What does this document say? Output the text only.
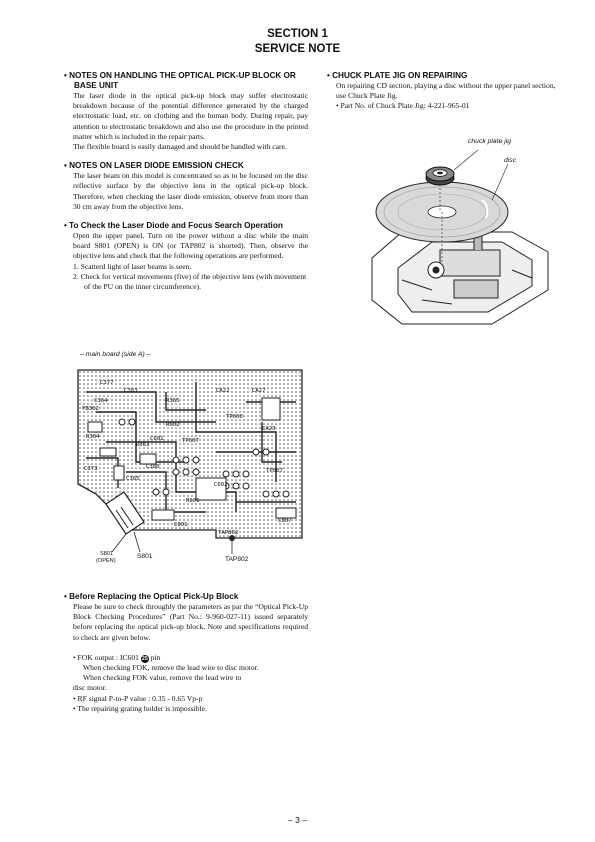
SECTION 1
SERVICE NOTE
• NOTES ON HANDLING THE OPTICAL PICK-UP BLOCK OR BASE UNIT
The laser diode in the optical pick-up block may suffer electrostatic breakdown because of the potential difference generated by the charged electrostatic load, etc. on clothing and the human body. During repair, pay attention to electrostatic breakdown and also use the procedure in the printed matter which is included in the repair parts.
The flexible board is easily damaged and should be handled with care.
• NOTES ON LASER DIODE EMISSION CHECK
The laser beam on this model is concentrated so as to be focused on the disc reflective surface by the objective lens in the optical pick-up block. Therefore, when checking the laser diode emission, observe from more than 30 cm away from the objective lens.
• To Check the Laser Diode and Focus Search Operation
Open the upper panel. Turn on the power without a disc while the main board S801 (OPEN) is ON (or TAP802 is shorted). Then, observe the objective lens and check that the following operations are performed.
1. Scatterd light of laser beams is seen.
2. Check for vertical movements (five) of the objective lens (with movement of the PU on the inner circumference).
– main board (side A) –
CA27
CA23
CA22
FB302
C377
C364
C365
R363
R364
C380
TP607
TAP802
C807
C801
C602
C601
R602
TP600
C383
R365
C373
R601
TP607
S801
(OPEN)
S801	TAP802
• Before Replacing the Optical Pick-Up Block
Please be sure to check throughly the parameters as par the “Optical Pick-Up Block Checking Procedures” (Part No.: 9-960-027-11) issued separately before replacing the optical pick-up block. Note and specifications required to check are given below.
• FOK output : IC601 25 pin
When checking FOK, remove the lead wire to disc motor.
When checking FOK value, remove the lead wire to
disc motor.
• RF signal P-to-P value : 0.35 - 0.65 Vp-p
• The repairing grating holder is impossible.
• CHUCK PLATE JIG ON REPAIRING
On repairing CD section, playing a disc without the upper panel section, use Chuck Plate Jig.
• Part No. of Chuck Plate Jig: 4-221-965-01
chuck plate jig
disc
– 3 –
